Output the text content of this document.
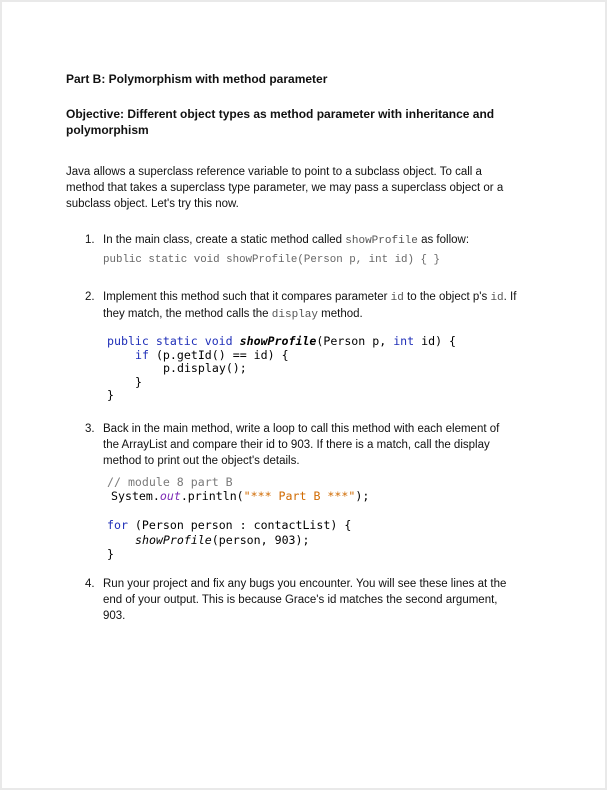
Part B: Polymorphism with method parameter

Objective: Different object types as method parameter with inheritance and
polymorphism

Java allows a superclass reference variable to point to a subclass object. To call a
method that takes a superclass type parameter, we may pass a superclass object or a
subclass object. Let's try this now.

1. In the main class, create a static method called showProfile as follow:
public static void showProfile(Person p, int id) { }
2. Implement this method such that it compares parameter id to the object p's id. If
they match, the method calls the display method.
public static void showProfile(Person p, int id) {
if (p.getId() == id) {
p.display();
}
}
3. Back in the main method, write a loop to call this method with each element of
the ArrayList and compare their id to 903. If there is a match, call the display
method to print out the object's details.
// module 8 part B
System.out.println("*** Part B ***");
for (Person person : contactList) {
showProfile(person, 903);
}
4. Run your project and fix any bugs you encounter. You will see these lines at the
end of your output. This is because Grace's id matches the second argument,
903.
